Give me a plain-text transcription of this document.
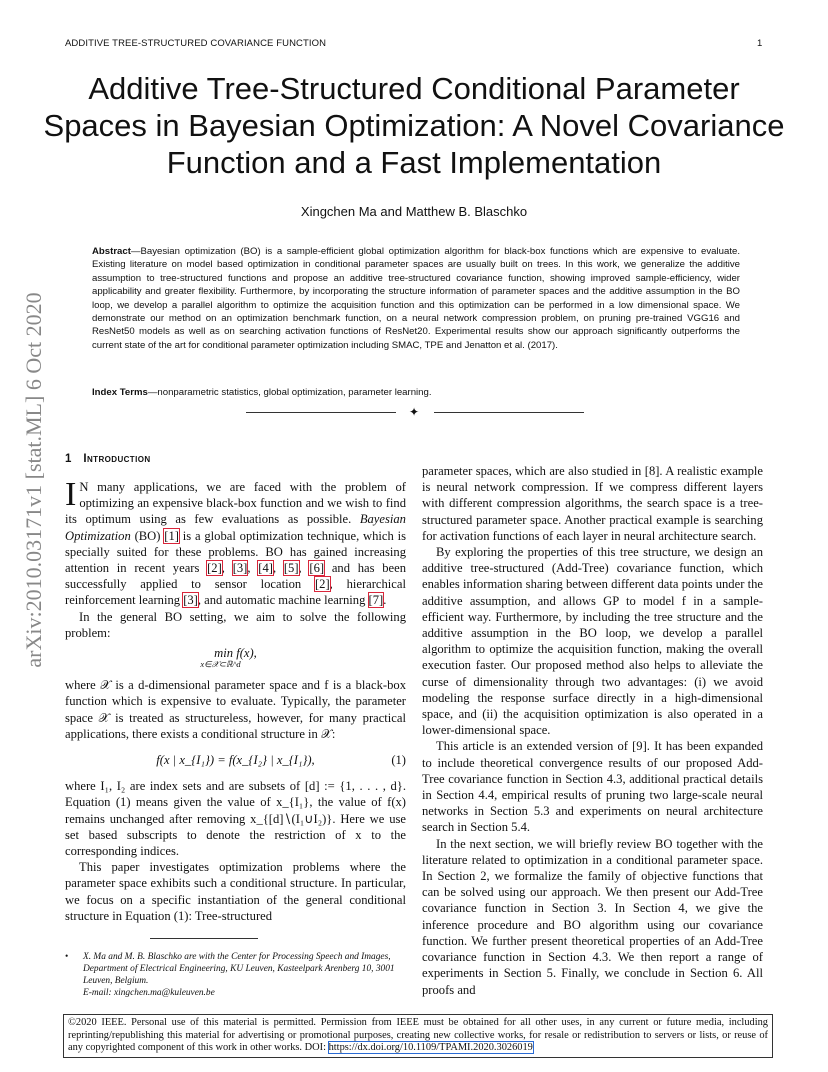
ADDITIVE TREE-STRUCTURED COVARIANCE FUNCTION	1
Additive Tree-Structured Conditional Parameter Spaces in Bayesian Optimization: A Novel Covariance Function and a Fast Implementation
Xingchen Ma and Matthew B. Blaschko
Abstract—Bayesian optimization (BO) is a sample-efficient global optimization algorithm for black-box functions which are expensive to evaluate. Existing literature on model based optimization in conditional parameter spaces are usually built on trees. In this work, we generalize the additive assumption to tree-structured functions and propose an additive tree-structured covariance function, showing improved sample-efficiency, wider applicability and greater flexibility. Furthermore, by incorporating the structure information of parameter spaces and the additive assumption in the BO loop, we develop a parallel algorithm to optimize the acquisition function and this optimization can be performed in a low dimensional space. We demonstrate our method on an optimization benchmark function, on a neural network compression problem, on pruning pre-trained VGG16 and ResNet50 models as well as on searching activation functions of ResNet20. Experimental results show our approach significantly outperforms the current state of the art for conditional parameter optimization including SMAC, TPE and Jenatton et al. (2017).
Index Terms—nonparametric statistics, global optimization, parameter learning.
✦
arXiv:2010.03171v1 [stat.ML] 6 Oct 2020 1 Introduction

I N many applications, we are faced with the problem of optimizing an expensive black-box function and we wish to find its optimum using as few evaluations as possible. Bayesian Optimization (BO) [1] is a global optimization technique, which is specially suited for these problems. BO has gained increasing attention in recent years [2], [3], [4], [5], [6] and has been successfully applied to sensor location [2], hierarchical reinforcement learning [3], and automatic machine learning [7].

In the general BO setting, we aim to solve the following problem:

min f(x),
x∈𝒳⊂ℝ^d

where 𝒳 is a d-dimensional parameter space and f is a black-box function which is expensive to evaluate. Typically, the parameter space 𝒳 is treated as structureless, however, for many practical applications, there exists a conditional structure in 𝒳:

f(x | x_{I₁}) = f(x_{I₂} | x_{I₁}),	(1)

where I₁, I₂ are index sets and are subsets of [d] := {1, . . . , d}. Equation (1) means given the value of x_{I₁}, the value of f(x) remains unchanged after removing x_{[d]∖(I₁∪I₂)}. Here we use set based subscripts to denote the restriction of x to the corresponding indices.

This paper investigates optimization problems where the parameter space exhibits such a conditional structure. In particular, we focus on a specific instantiation of the general conditional structure in Equation (1): Tree-structured

parameter spaces, which are also studied in [8]. A realistic example is neural network compression. If we compress different layers with different compression algorithms, the search space is a tree-structured parameter space. Another practical example is searching for activation functions of each layer in neural architecture search.

By exploring the properties of this tree structure, we design an additive tree-structured (Add-Tree) covariance function, which enables information sharing between different data points under the additive assumption, and allows GP to model f in a sample-efficient way. Furthermore, by including the tree structure and the additive assumption in the BO loop, we develop a parallel algorithm to optimize the acquisition function, making the overall execution faster. Our proposed method also helps to alleviate the curse of dimensionality through two advantages: (i) we avoid modeling the response surface directly in a high-dimensional space, and (ii) the acquisition optimization is also operated in a lower-dimensional space.

This article is an extended version of [9]. It has been expanded to include theoretical convergence results of our proposed Add-Tree covariance function in Section 4.3, additional practical details in Section 4.4, empirical results of pruning two large-scale neural networks in Section 5.3 and experiments on neural architecture search in Section 5.4.

In the next section, we will briefly review BO together with the literature related to optimization in a conditional parameter space. In Section 2, we formalize the family of objective functions that can be solved using our approach. We then present our Add-Tree covariance function in Section 3. In Section 4, we give the inference procedure and BO algorithm using our covariance function. We further present theoretical properties of an Add-Tree covariance function in Section 4.3. We then report a range of experiments in Section 5. Finally, we conclude in Section 6. All proofs and

• X. Ma and M. B. Blaschko are with the Center for Processing Speech and Images, Department of Electrical Engineering, KU Leuven, Kasteelpark Arenberg 10, 3001 Leuven, Belgium.
E-mail: xingchen.ma@kuleuven.be
©2020 IEEE. Personal use of this material is permitted. Permission from IEEE must be obtained for all other uses, in any current or future media, including reprinting/republishing this material for advertising or promotional purposes, creating new collective works, for resale or redistribution to servers or lists, or reuse of any copyrighted component of this work in other works. DOI: https://dx.doi.org/10.1109/TPAMI.2020.3026019
